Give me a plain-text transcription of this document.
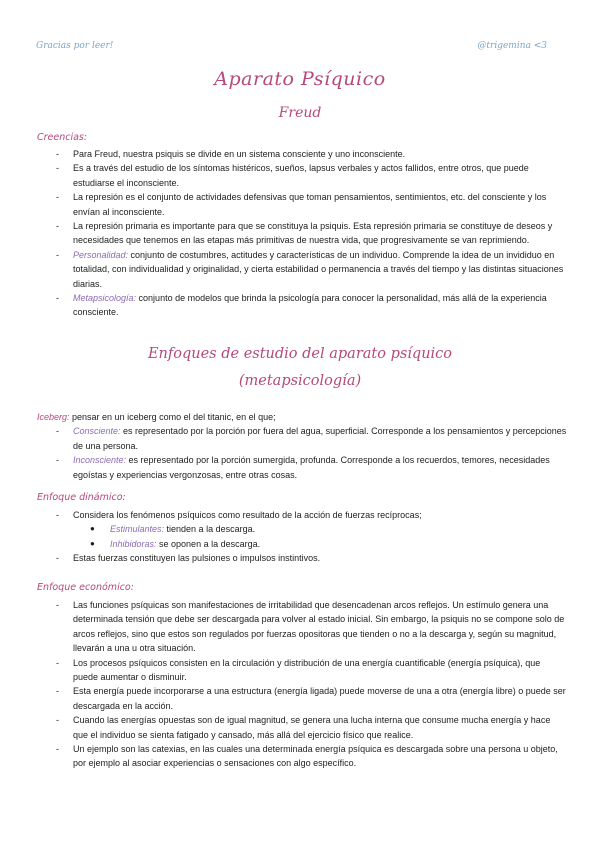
Gracias por leer!	@trigemina <3
Aparato Psíquico
Freud
Creencias:
- Para Freud, nuestra psiquis se divide en un sistema consciente y uno inconsciente.
- Es a través del estudio de los síntomas histéricos, sueños, lapsus verbales y actos fallidos, entre otros, que puede estudiarse el inconsciente.
- La represión es el conjunto de actividades defensivas que toman pensamientos, sentimientos, etc. del consciente y los envían al inconsciente.
- La represión primaria es importante para que se constituya la psiquis. Esta represión primaria se constituye de deseos y necesidades que tenemos en las etapas más primitivas de nuestra vida, que progresivamente se van reprimiendo.
- Personalidad: conjunto de costumbres, actitudes y características de un individuo. Comprende la idea de un invididuo en totalidad, con individualidad y originalidad, y cierta estabilidad o permanencia a través del tiempo y las distintas situaciones diarias.
- Metapsicología: conjunto de modelos que brinda la psicología para conocer la personalidad, más allá de la experiencia consciente.
Enfoques de estudio del aparato psíquico
(metapsicología)
Iceberg: pensar en un iceberg como el del titanic, en el que;
- Consciente: es representado por la porción por fuera del agua, superficial. Corresponde a los pensamientos y percepciones de una persona.
- Inconsciente: es representado por la porción sumergida, profunda. Corresponde a los recuerdos, temores, necesidades egoístas y experiencias vergonzosas, entre otras cosas.
Enfoque dinámico:
- Considera los fenómenos psíquicos como resultado de la acción de fuerzas recíprocas;
● Estimulantes: tienden a la descarga.
● Inhibidoras: se oponen a la descarga.
- Estas fuerzas constituyen las pulsiones o impulsos instintivos.
Enfoque económico:
- Las funciones psíquicas son manifestaciones de irritabilidad que desencadenan arcos reflejos. Un estímulo genera una determinada tensión que debe ser descargada para volver al estado inicial. Sin embargo, la psiquis no se compone solo de arcos reflejos, sino que estos son regulados por fuerzas opositoras que tienden o no a la descarga y, según su magnitud, llevarán a una u otra situación.
- Los procesos psíquicos consisten en la circulación y distribución de una energía cuantificable (energía psíquica), que puede aumentar o disminuir.
- Esta energía puede incorporarse a una estructura (energía ligada) puede moverse de una a otra (energía libre) o puede ser descargada en la acción.
- Cuando las energías opuestas son de igual magnitud, se genera una lucha interna que consume mucha energía y hace que el individuo se sienta fatigado y cansado, más allá del ejercicio físico que realice.
- Un ejemplo son las catexias, en las cuales una determinada energía psíquica es descargada sobre una persona u objeto, por ejemplo al asociar experiencias o sensaciones con algo específico.
